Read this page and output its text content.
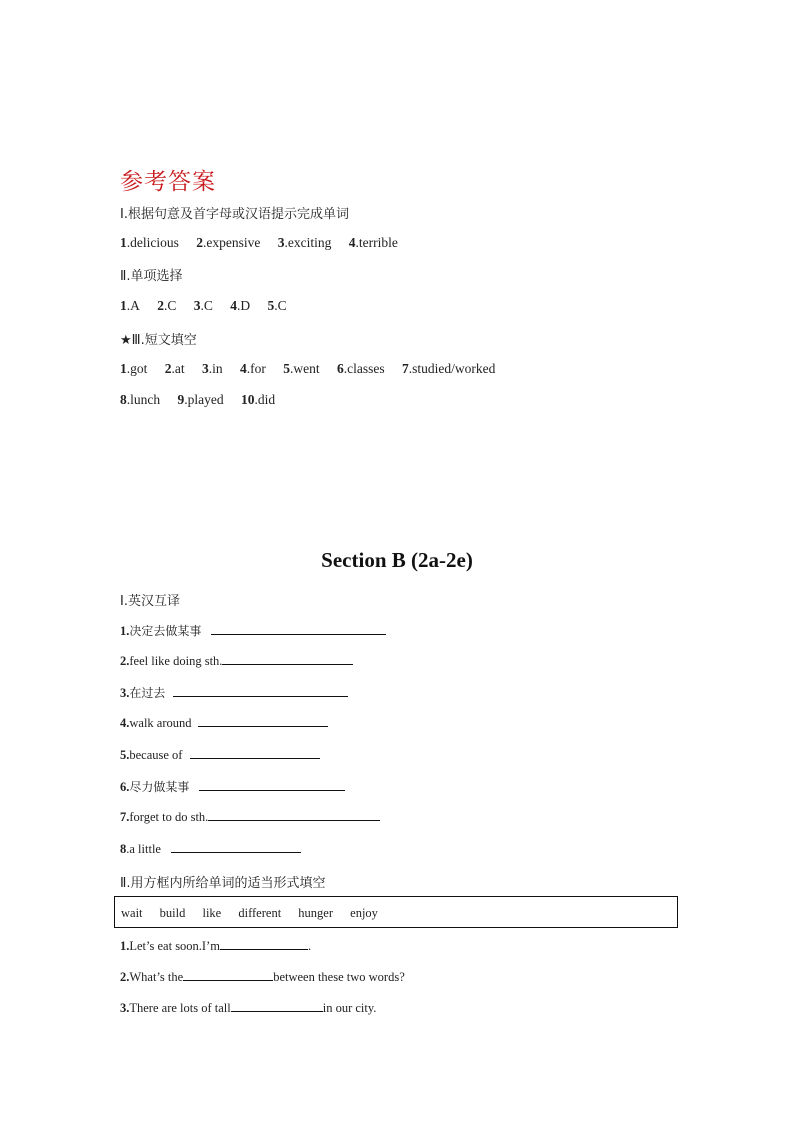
参考答案
Ⅰ.根据句意及首字母或汉语提示完成单词
1.delicious 2.expensive 3.exciting 4.terrible
Ⅱ.单项选择
1.A 2.C 3.C 4.D 5.C
★Ⅲ.短文填空
1.got 2.at 3.in 4.for 5.went 6.classes 7.studied/worked
8.lunch 9.played 10.did
Section B (2a-2e)
Ⅰ.英汉互译
1.决定去做某事
2.feel like doing sth.
3.在过去
4.walk around
5.because of
6.尽力做某事
7.forget to do sth.
8.a little
Ⅱ.用方框内所给单词的适当形式填空
wait build like different hunger enjoy
1.Let’s eat soon.I’m	.
2.What’s the	between these two words?
3.There are lots of tall	in our city.
